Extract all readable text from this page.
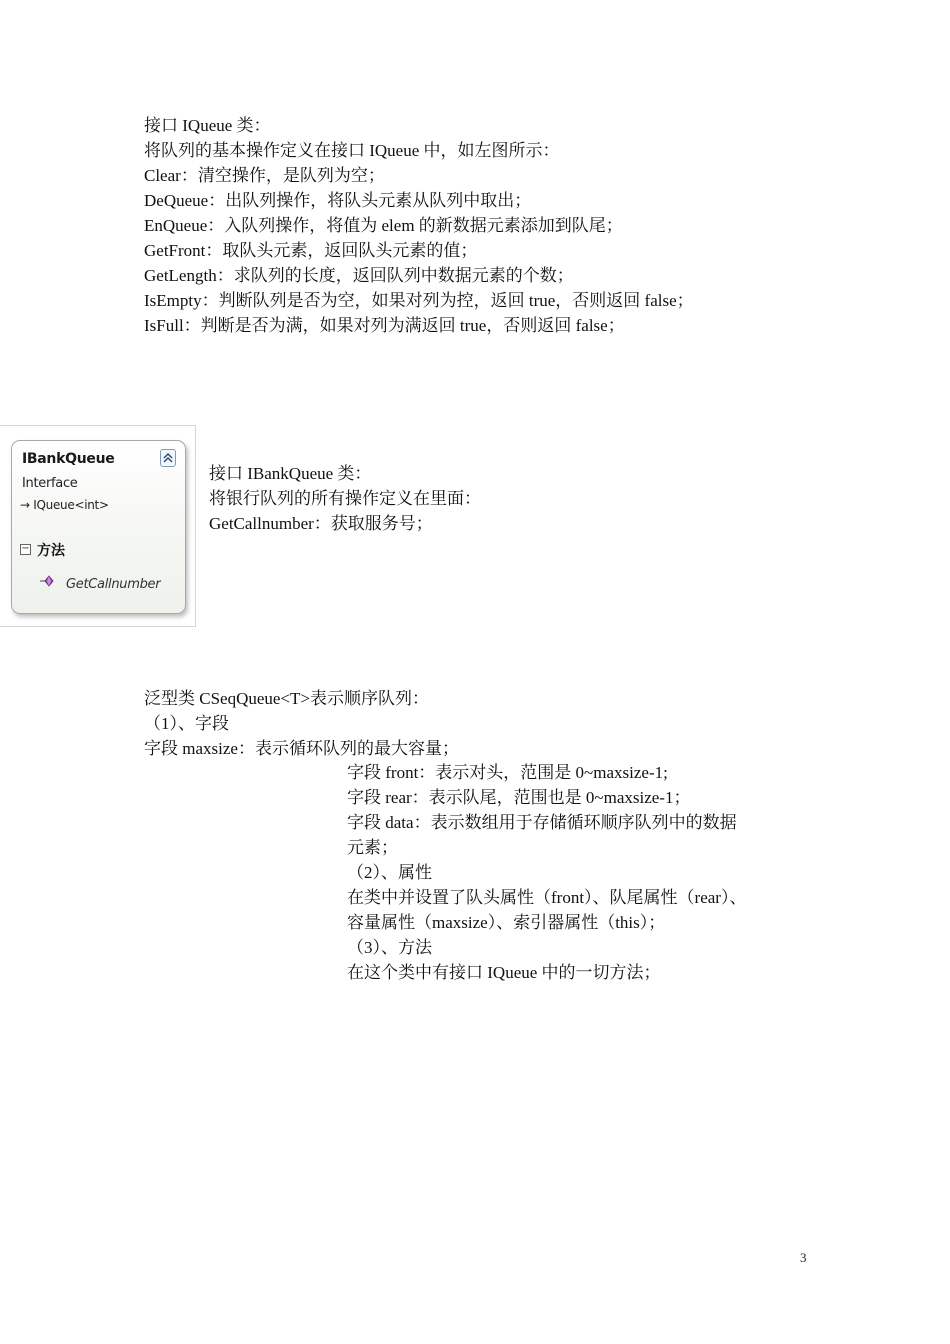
接口 IQueue 类：
将队列的基本操作定义在接口 IQueue 中，如左图所示：
Clear：清空操作，是队列为空；
DeQueue：出队列操作，将队头元素从队列中取出；
EnQueue：入队列操作，将值为 elem 的新数据元素添加到队尾；
GetFront：取队头元素，返回队头元素的值；
GetLength：求队列的长度，返回队列中数据元素的个数；
IsEmpty：判断队列是否为空，如果对列为控，返回 true，否则返回 false；
IsFull：判断是否为满，如果对列为满返回 true，否则返回 false；
IBankQueue
Interface
→ IQueue<int>
− 方法
GetCallnumber
接口 IBankQueue 类：
将银行队列的所有操作定义在里面：
GetCallnumber：获取服务号；
泛型类 CSeqQueue<T>表示顺序队列：
（1）、字段
字段 maxsize：表示循环队列的最大容量；
字段 front：表示对头，范围是 0~maxsize-1;
字段 rear：表示队尾，范围也是 0~maxsize-1；
字段 data：表示数组用于存储循环顺序队列中的数据
元素；
（2）、属性
在类中并设置了队头属性（front）、队尾属性（rear）、
容量属性（maxsize）、索引器属性（this）；
（3）、方法
在这个类中有接口 IQueue 中的一切方法；
3
